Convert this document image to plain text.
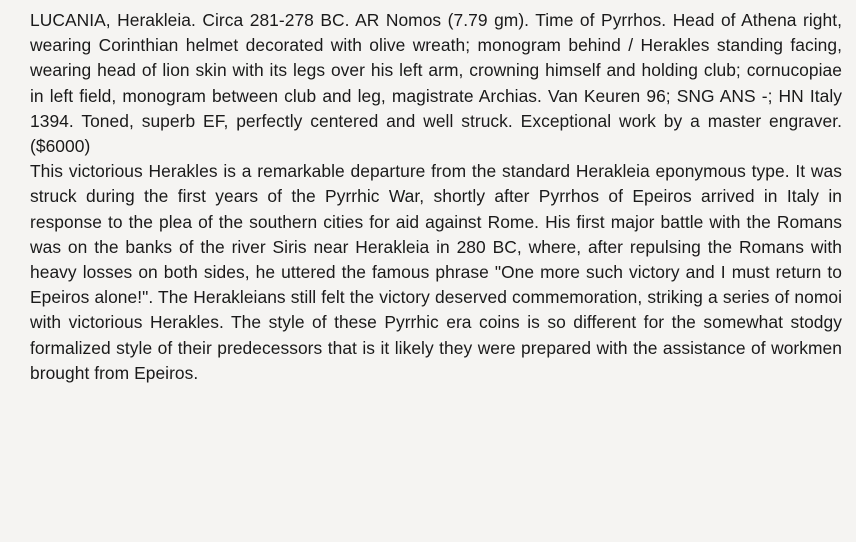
LUCANIA, Herakleia. Circa 281-278 BC. AR Nomos (7.79 gm). Time of Pyrrhos. Head of Athena right, wearing Corinthian helmet decorated with olive wreath; monogram behind / Herakles standing facing, wearing head of lion skin with its legs over his left arm, crowning himself and holding club; cornucopiae in left field, monogram between club and leg, magistrate Archias. Van Keuren 96; SNG ANS -; HN Italy 1394. Toned, superb EF, perfectly centered and well struck. Exceptional work by a master engraver. ($6000)

This victorious Herakles is a remarkable departure from the standard Herakleia eponymous type. It was struck during the first years of the Pyrrhic War, shortly after Pyrrhos of Epeiros arrived in Italy in response to the plea of the southern cities for aid against Rome. His first major battle with the Romans was on the banks of the river Siris near Herakleia in 280 BC, where, after repulsing the Romans with heavy losses on both sides, he uttered the famous phrase "One more such victory and I must return to Epeiros alone!". The Herakleians still felt the victory deserved commemoration, striking a series of nomoi with victorious Herakles. The style of these Pyrrhic era coins is so different for the somewhat stodgy formalized style of their predecessors that is it likely they were prepared with the assistance of workmen brought from Epeiros.
